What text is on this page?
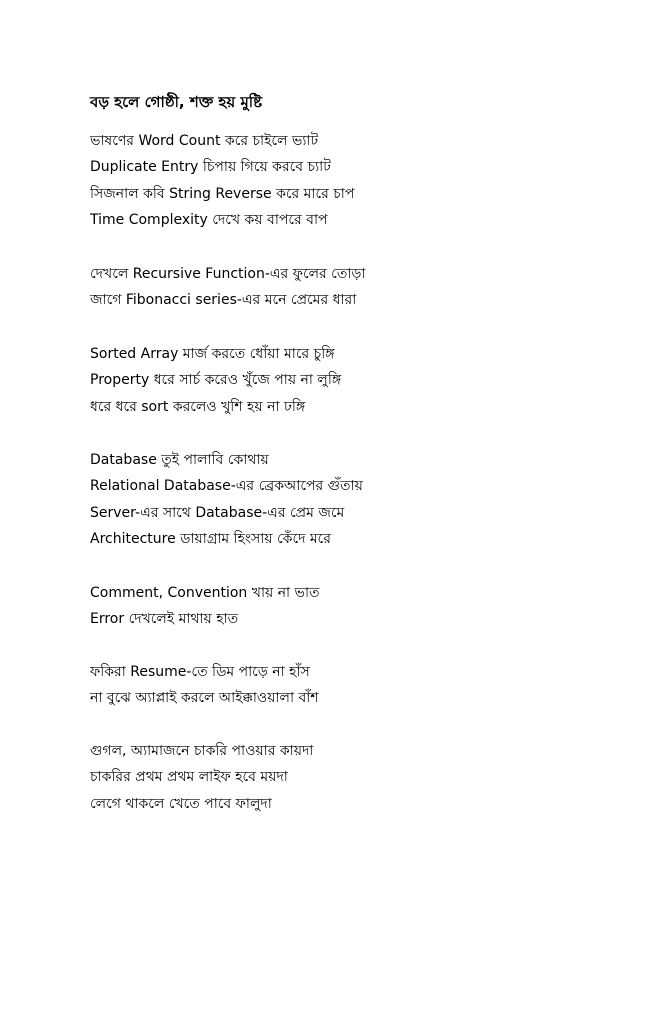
বড় হলে গোষ্ঠী, শক্ত হয় মুষ্টি
ভাষণের Word Count করে চাইলে ভ্যাট
Duplicate Entry চিপায় গিয়ে করবে চ্যাট
সিজনাল কবি String Reverse করে মারে চাপ
Time Complexity দেখে কয় বাপরে বাপ
দেখলে Recursive Function-এর ফুলের তোড়া
জাগে Fibonacci series-এর মনে প্রেমের ধারা
Sorted Array মার্জ করতে ধোঁয়া মারে চুঙ্গি
Property ধরে সার্চ করেও খুঁজে পায় না লুঙ্গি
ধরে ধরে sort করলেও খুশি হয় না ঢঙ্গি
Database তুই পালাবি কোথায়
Relational Database-এর ব্রেকআপের গুঁতায়
Server-এর সাথে Database-এর প্রেম জমে
Architecture ডায়াগ্রাম হিংসায় কেঁদে মরে
Comment, Convention খায় না ভাত
Error দেখলেই মাথায় হাত
ফকিরা Resume-তে ডিম পাড়ে না হাঁস
না বুঝে অ্যাপ্লাই করলে আইক্কাওয়ালা বাঁশ
গুগল, অ্যামাজনে চাকরি পাওয়ার কায়দা
চাকরির প্রথম প্রথম লাইফ হবে ময়দা
লেগে থাকলে খেতে পাবে ফালুদা
